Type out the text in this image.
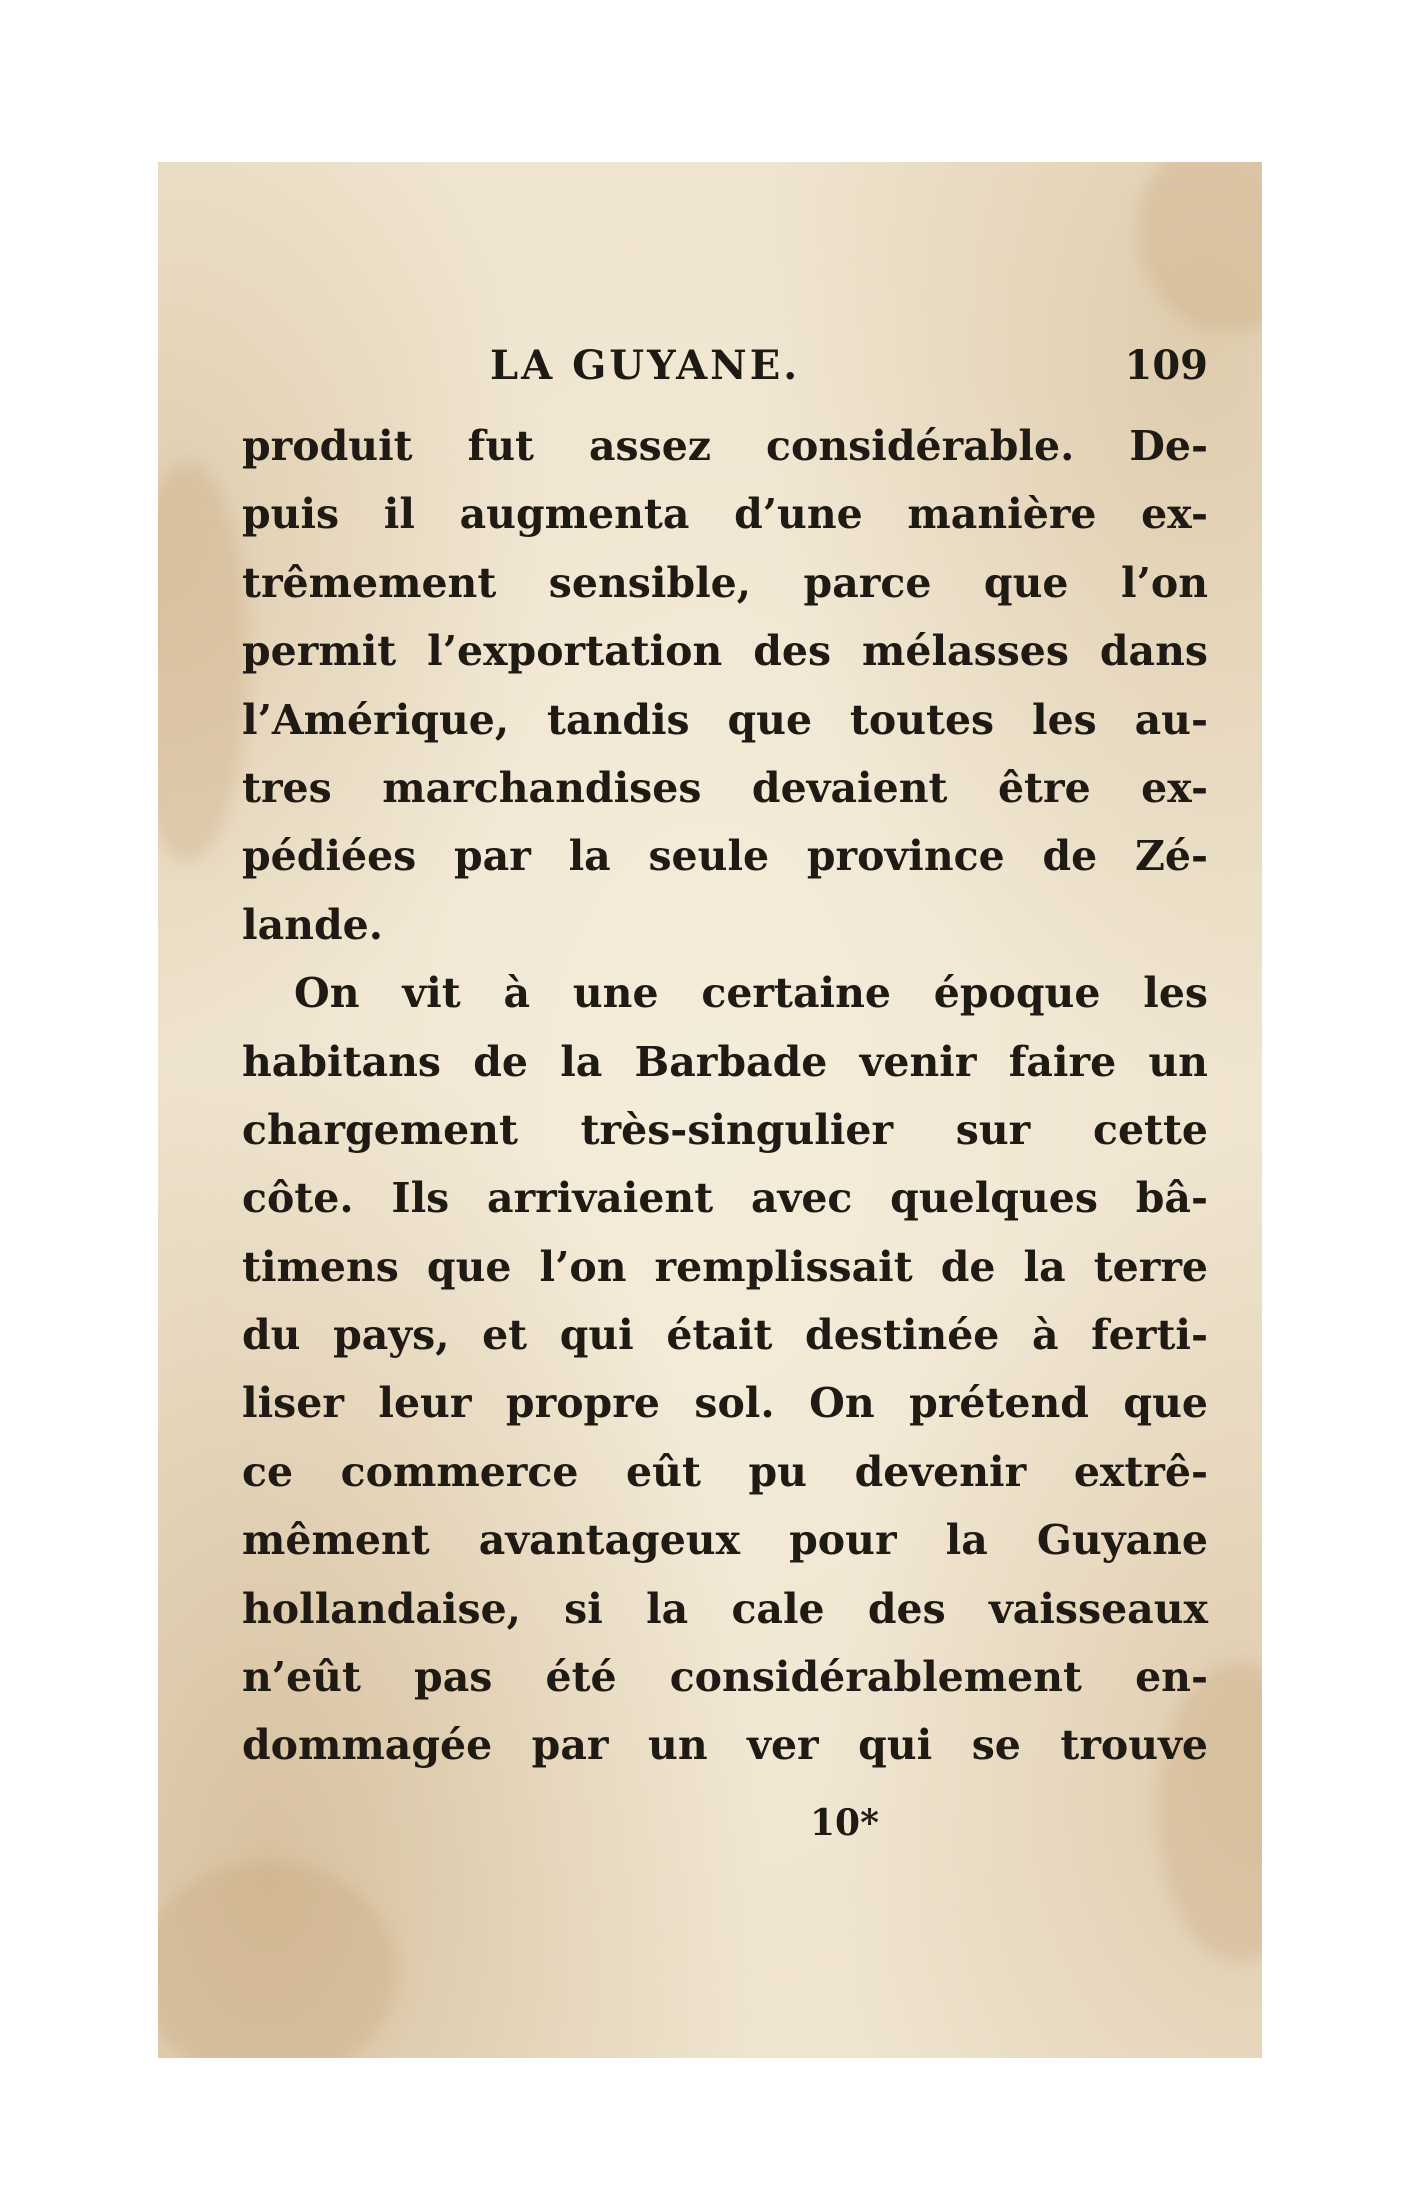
LA GUYANE.	109
produit fut assez considérable. De-
puis il augmenta d’une manière ex-
trêmement sensible, parce que l’on
permit l’exportation des mélasses dans
l’Amérique, tandis que toutes les au-
tres marchandises devaient être ex-
pédiées par la seule province de Zé-
lande.
On vit à une certaine époque les
habitans de la Barbade venir faire un
chargement très-singulier sur cette
côte. Ils arrivaient avec quelques bâ-
timens que l’on remplissait de la terre
du pays, et qui était destinée à ferti-
liser leur propre sol. On prétend que
ce commerce eût pu devenir extrê-
mêment avantageux pour la Guyane
hollandaise, si la cale des vaisseaux
n’eût pas été considérablement en-
dommagée par un ver qui se trouve
10*
